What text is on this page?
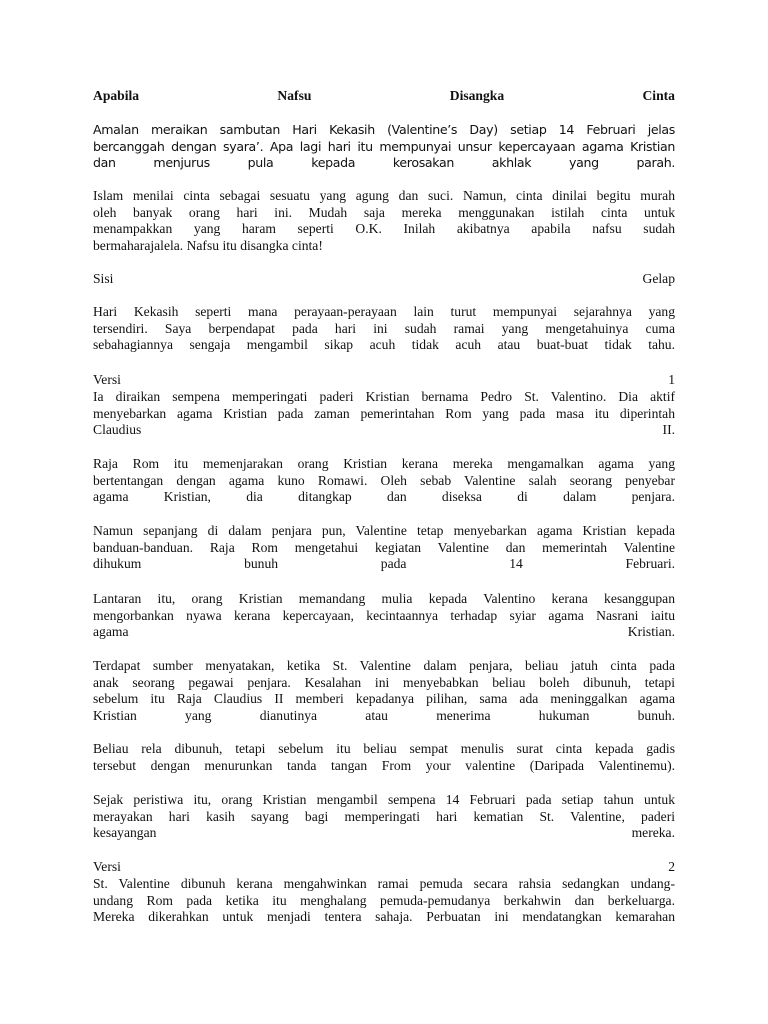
Apabila	Nafsu	Disangka	Cinta
Amalan meraikan sambutan Hari Kekasih (Valentine’s Day) setiap 14 Februari jelas
bercanggah dengan syara’. Apa lagi hari itu mempunyai unsur kepercayaan agama Kristian
dan menjurus pula kepada kerosakan akhlak yang parah.
Islam menilai cinta sebagai sesuatu yang agung dan suci. Namun, cinta dinilai begitu murah
oleh banyak orang hari ini. Mudah saja mereka menggunakan istilah cinta untuk
menampakkan yang haram seperti O.K. Inilah akibatnya apabila nafsu sudah
bermaharajalela. Nafsu itu disangka cinta!
Sisi	Gelap
Hari Kekasih seperti mana perayaan-perayaan lain turut mempunyai sejarahnya yang
tersendiri. Saya berpendapat pada hari ini sudah ramai yang mengetahuinya cuma
sebahagiannya sengaja mengambil sikap acuh tidak acuh atau buat-buat tidak tahu.
Versi	1
Ia diraikan sempena memperingati paderi Kristian bernama Pedro St. Valentino. Dia aktif
menyebarkan agama Kristian pada zaman pemerintahan Rom yang pada masa itu diperintah
Claudius II.
Raja Rom itu memenjarakan orang Kristian kerana mereka mengamalkan agama yang
bertentangan dengan agama kuno Romawi. Oleh sebab Valentine salah seorang penyebar
agama Kristian, dia ditangkap dan diseksa di dalam penjara.
Namun sepanjang di dalam penjara pun, Valentine tetap menyebarkan agama Kristian kepada
banduan-banduan. Raja Rom mengetahui kegiatan Valentine dan memerintah Valentine
dihukum bunuh pada 14 Februari.
Lantaran itu, orang Kristian memandang mulia kepada Valentino kerana kesanggupan
mengorbankan nyawa kerana kepercayaan, kecintaannya terhadap syiar agama Nasrani iaitu
agama Kristian.
Terdapat sumber menyatakan, ketika St. Valentine dalam penjara, beliau jatuh cinta pada
anak seorang pegawai penjara. Kesalahan ini menyebabkan beliau boleh dibunuh, tetapi
sebelum itu Raja Claudius II memberi kepadanya pilihan, sama ada meninggalkan agama
Kristian yang dianutinya atau menerima hukuman bunuh.
Beliau rela dibunuh, tetapi sebelum itu beliau sempat menulis surat cinta kepada gadis
tersebut dengan menurunkan tanda tangan From your valentine (Daripada Valentinemu).
Sejak peristiwa itu, orang Kristian mengambil sempena 14 Februari pada setiap tahun untuk
merayakan hari kasih sayang bagi memperingati hari kematian St. Valentine, paderi
kesayangan mereka.
Versi	2
St. Valentine dibunuh kerana mengahwinkan ramai pemuda secara rahsia sedangkan undang-
undang Rom pada ketika itu menghalang pemuda-pemudanya berkahwin dan berkeluarga.
Mereka dikerahkan untuk menjadi tentera sahaja. Perbuatan ini mendatangkan kemarahan
